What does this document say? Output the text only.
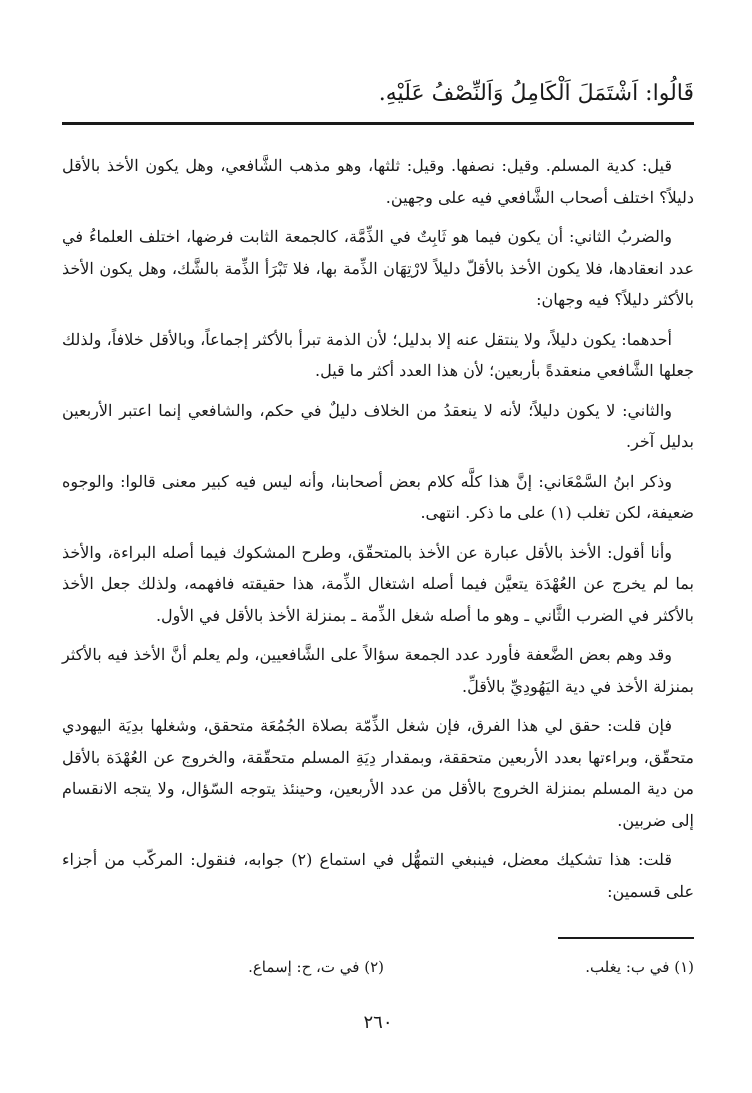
قَالُوا: اَشْتَمَلَ اَلْكَامِلُ وَاَلنِّصْفُ عَلَيْهِ.

قيل: كدية المسلم. وقيل: نصفها. وقيل: ثلثها، وهو مذهب الشَّافعي، وهل يكون الأخذ بالأقل دليلاً؟ اختلف أصحاب الشَّافعي فيه على وجهين.

والضربُ الثاني: أن يكون فيما هو ثَابِتٌ في الذِّمَّة، كالجمعة الثابت فرضها، اختلف العلماءُ في عدد انعقادها، فلا يكون الأخذ بالأقلّ دليلاً لارْتِهَان الذِّمة بها، فلا تَبْرَأ الذِّمة بالشَّك، وهل يكون الأخذ بالأكثر دليلاً؟ فيه وجهان:

أحدهما: يكون دليلاً، ولا ينتقل عنه إلا بدليل؛ لأن الذمة تبرأ بالأكثر إجماعاً، وبالأقل خلافاً، ولذلك جعلها الشَّافعي منعقدةً بأربعين؛ لأن هذا العدد أكثر ما قيل.

والثاني: لا يكون دليلاً؛ لأنه لا ينعقدُ من الخلاف دليلٌ في حكم، والشافعي إنما اعتبر الأربعين بدليل آخر.

وذكر ابنُ السَّمْعَاني: إنَّ هذا كلَّه كلام بعض أصحابنا، وأنه ليس فيه كبير معنى قالوا: والوجوه ضعيفة، لكن تغلب (١) على ما ذكر. انتهى.

وأنا أقول: الأخذ بالأقل عبارة عن الأخذ بالمتحقّق، وطرح المشكوك فيما أصله البراءة، والأخذ بما لم يخرج عن العُهْدَة يتعيَّن فيما أصله اشتغال الذِّمة، هذا حقيقته فافهمه، ولذلك جعل الأخذ بالأكثر في الضرب الثَّاني ـ وهو ما أصله شغل الذِّمة ـ بمنزلة الأخذ بالأقل في الأول.

وقد وهم بعض الضَّعفة فأورد عدد الجمعة سؤالاً على الشَّافعيين، ولم يعلم أنَّ الأخذ فيه بالأكثر بمنزلة الأخذ في دية اليَهُودِيِّ بالأقلِّ.

فإن قلت: حقق لي هذا الفرق، فإن شغل الذِّمّة بصلاة الجُمُعَة متحقق، وشغلها بدِيَة اليهودي متحقّق، وبراءتها بعدد الأربعين متحققة، وبمقدار دِيَةِ المسلم متحقّقة، والخروج عن العُهْدَة بالأقل من دية المسلم بمنزلة الخروج بالأقل من عدد الأربعين، وحينئذ يتوجه السّؤال، ولا يتجه الانقسام إلى ضربين.

قلت: هذا تشكيك معضل، فينبغي التمهُّل في استماع (٢) جوابه، فنقول: المركّب من أجزاء على قسمين:

(١) في ب: يغلب.
(٢) في ت، ح: إسماع.
٢٦٠
